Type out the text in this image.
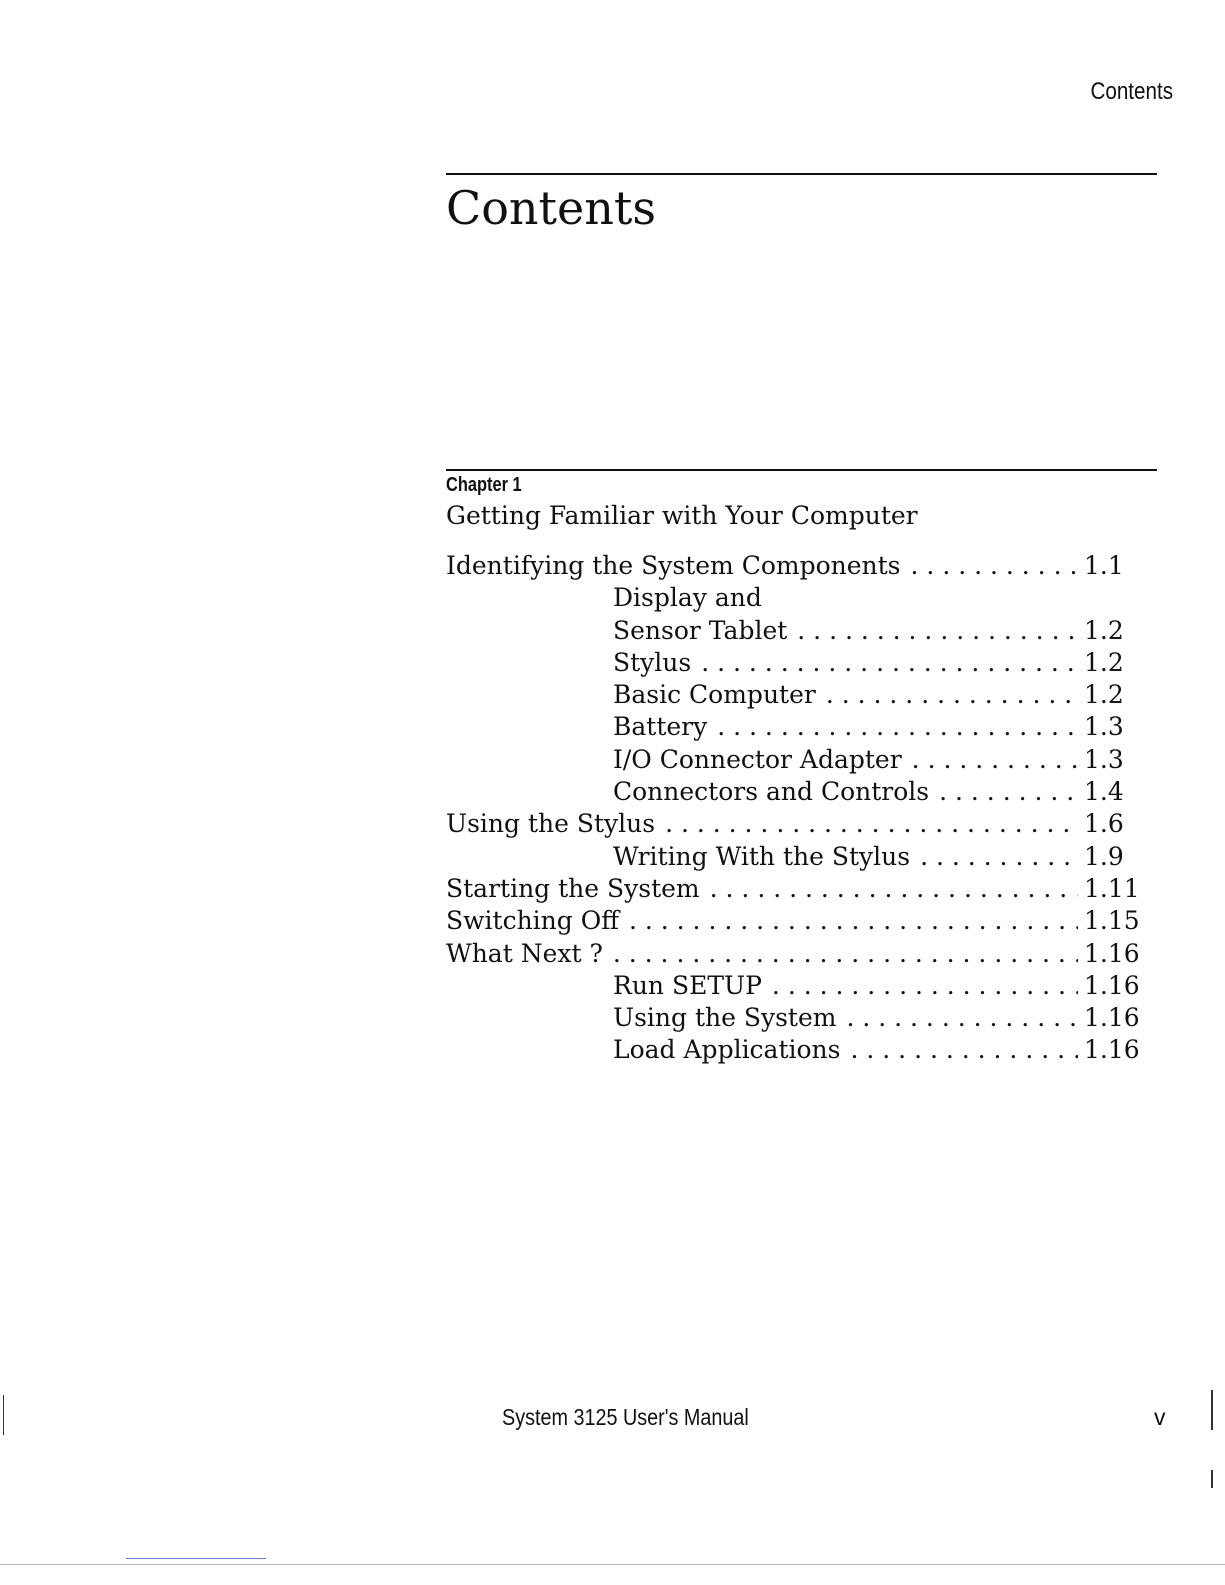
Contents
Contents
Chapter 1
Getting Familiar with Your Computer
Identifying the System Components . . .	1.1
Display and
Sensor Tablet . . .	1.2
Stylus . . .	1.2
Basic Computer . . .	1.2
Battery . . .	1.3
I/O Connector Adapter . . .	1.3
Connectors and Controls . . .	1.4
Using the Stylus . . .	1.6
Writing With the Stylus . . .	1.9
Starting the System . . .	1.11
Switching Off . . .	1.15
What Next ? . . .	1.16
Run SETUP . . .	1.16
Using the System . . .	1.16
Load Applications . . .	1.16
System 3125 User's Manual	v
